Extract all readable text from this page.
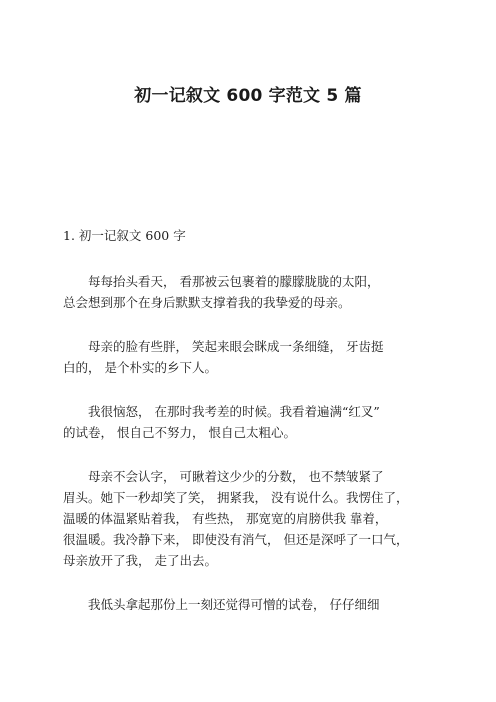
初一记叙文 600 字范文 5 篇
1. 初一记叙文 600 字

每每抬头看天， 看那被云包裹着的朦朦胧胧的太阳，
总会想到那个在身后默默支撑着我的我挚爱的母亲。

母亲的脸有些胖， 笑起来眼会眯成一条细缝， 牙齿挺
白的， 是个朴实的乡下人。

我很恼怒， 在那时我考差的时候。我看着遍满“红叉”
的试卷， 恨自己不努力， 恨自己太粗心。

母亲不会认字， 可瞅着这少少的分数， 也不禁皱紧了
眉头。她下一秒却笑了笑， 拥紧我， 没有说什么。我愣住了，
温暖的体温紧贴着我， 有些热， 那宽宽的肩膀供我 靠着，
很温暖。我冷静下来， 即使没有消气， 但还是深呼了一口气，
母亲放开了我， 走了出去。

我低头拿起那份上一刻还觉得可憎的试卷， 仔仔细细
